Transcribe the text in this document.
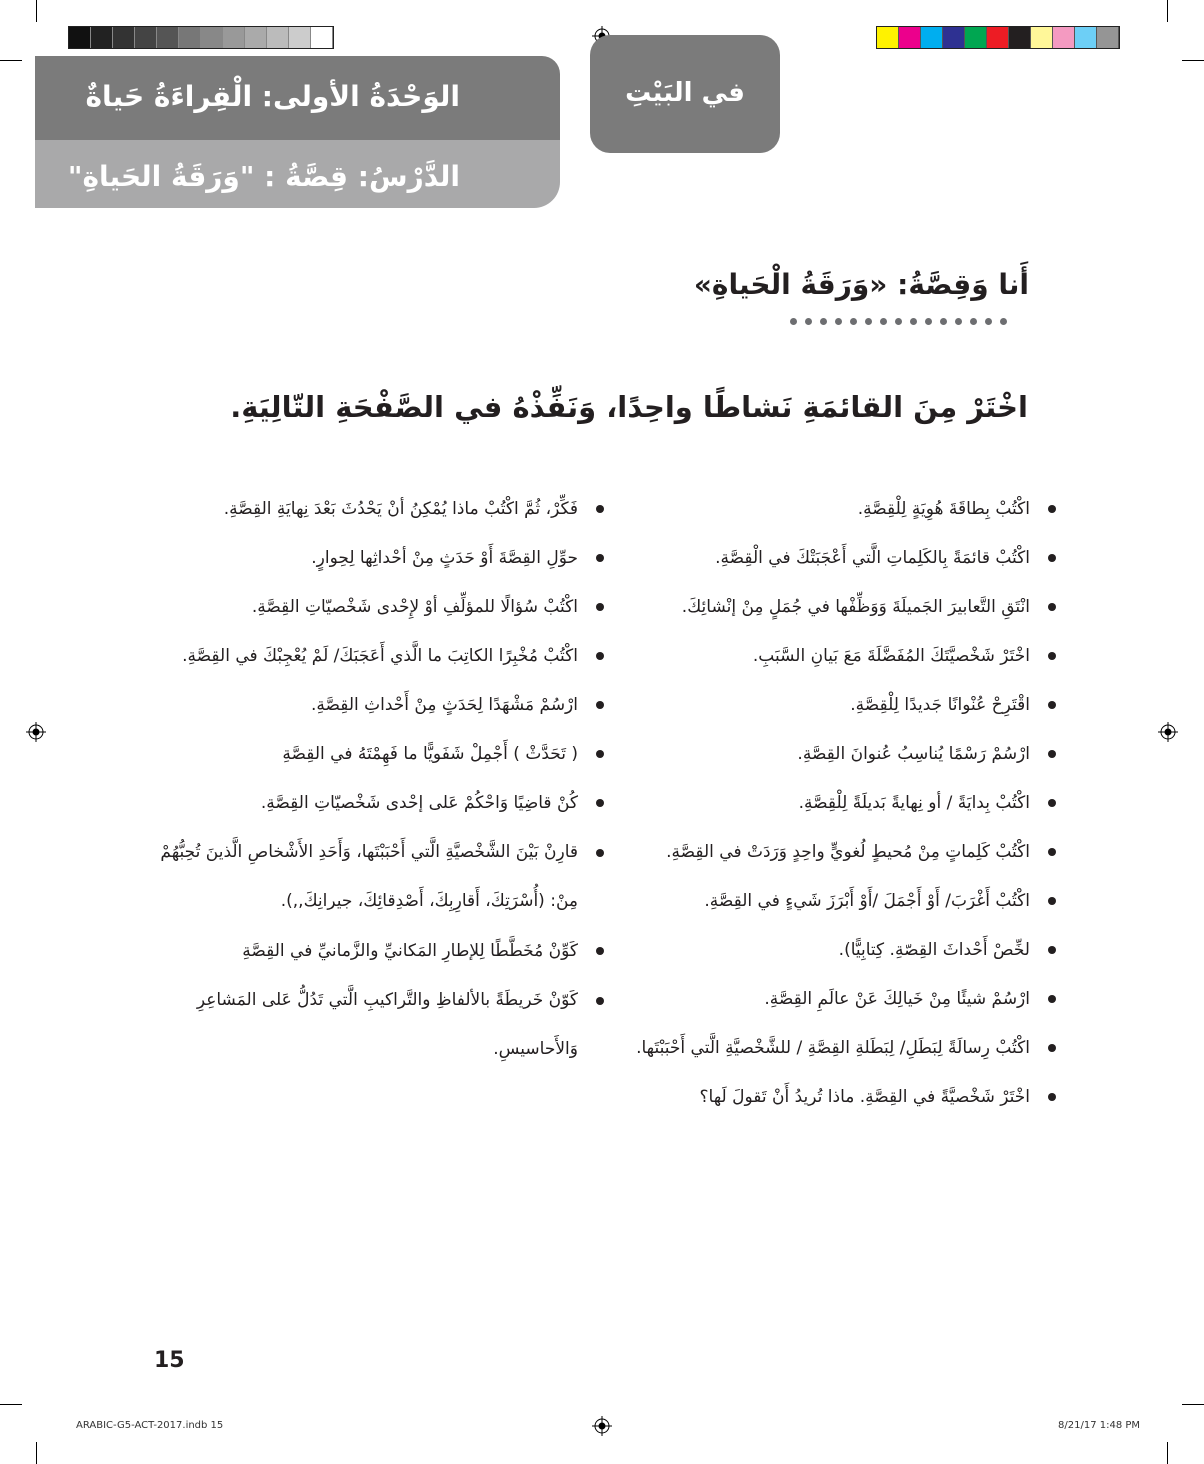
الوَحْدَةُ الأولى: الْقِراءَةُ حَياةٌ
الدَّرْسُ: قِصَّةُ : "وَرَقَةُ الحَياةِ"
في البَيْتِ
أَنا وَقِصَّةُ: «وَرَقَةُ الْحَياةِ»
اخْتَرْ مِنَ القائمَةِ نَشاطًا واحِدًا، وَنَفِّذْهُ في الصَّفْحَةِ التّالِيَةِ.
اكْتُبْ بِطاقَةَ هُوِيَةٍ لِلْقِصَّةِ.
اكْتُبْ قائمَةً بِالكَلِماتِ الَّتي أَعْجَبَتْكَ في الْقِصَّةِ.
انْتَقِ التَّعابيرَ الجَميلَةَ وَوَظِّفْها في جُمَلٍ مِنْ إنْشائِكَ.
اخْتَرْ شَخْصيَّتَكَ المُفَضَّلَةَ مَعَ بَيانِ السَّبَبِ.
اقْتَرِحْ عُنْوانًا جَديدًا لِلْقِصَّةِ.
ارْسُمْ رَسْمًا يُناسِبُ عُنوانَ القِصَّةِ.
اكْتُبْ بِدايَةً / أو نِهايةً بَديلَةً لِلْقِصَّةِ.
اكْتُبْ كَلِماتٍ مِنْ مُحيطٍ لُغويٍّ واحِدٍ وَرَدَتْ في القِصَّةِ.
اكْتُبْ أَغْرَبَ/ أَوْ أَجْمَلَ /أَوْ أَبْرَزَ شَيءٍ في القِصَّةِ.
لخِّصْ أَحْداثَ القِصّةِ. كِتابِيًّا).
ارْسُمْ شيئًا مِنْ خَيالِكَ عَنْ عالَمِ القِصَّةِ.
اكْتُبْ رِسالَةً لِبَطَلِ/ لِبَطَلةِ القِصَّةِ / للشَّخْصيَّةِ الَّتي أَحْبَبْتَها.
اخْتَرْ شَخْصيَّةً في القِصَّةِ. ماذا تُريدُ أَنْ تَقولَ لَها؟
فَكِّرْ، ثُمَّ اكْتُبْ ماذا يُمْكِنُ أنْ يَحْدُثَ بَعْدَ نِهايَةِ القِصَّةِ.
حوِّلِ القِصَّةَ أَوْ حَدَثٍ مِنْ أحْداثِها لِحِوارٍ.
اكْتُبْ سُؤالًا للمؤلِّفِ أوْ لإِحْدى شَخْصيّاتِ القِصَّةِ.
اكْتُبْ مُخْبِرًا الكاتِبَ ما الَّذي أَعَجَبَكَ/ لَمْ يُعْجِبْكَ في القِصَّةِ.
ارْسُمْ مَشْهَدًا لِحَدَثٍ مِنْ أَحْداثِ القِصَّةِ.
( تَحَدَّثْ ) أَجْمِلْ شَفَويًّا ما فَهِمْتَهُ في القِصَّةِ
كُنْ قاضِيًا وَاحْكُمْ عَلى إحْدى شَخْصيّاتِ القِصَّةِ.
قارِنْ بَيْنَ الشَّخْصيَّةِ الَّتي أَحْبَبْتَها، وَأَحَدِ الأَشْخاصِ الَّذينَ تُحِبُّهُمْ مِنْ: (أُسْرَتِكَ، أَقارِبِكَ، أَصْدِقائِكَ، جيرانِكَ,,).
كَوِّنْ مُخَطَّطًا لِلإطارِ المَكانيِّ والزَّمانيِّ في القِصَّةِ
كَوّنْ خَريطَةً بالألفاظِ والتَّراكيبِ الَّتي تَدُلُّ عَلى المَشاعِرِ وَالأَحاسيسِ.
15
ARABIC-G5-ACT-2017.indb 15	8/21/17 1:48 PM
